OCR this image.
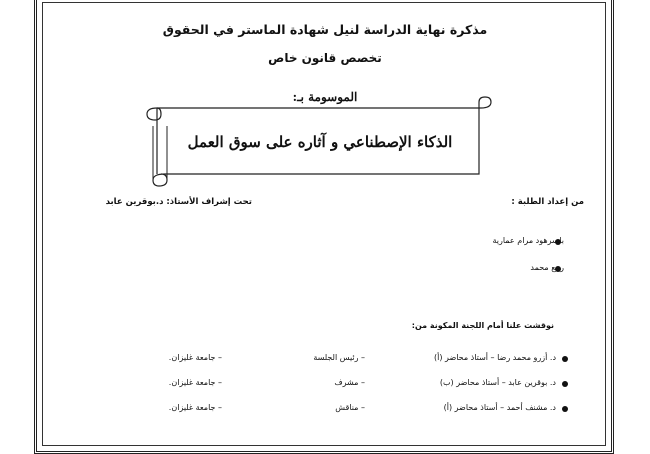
مذكرة نهاية الدراسة لنيل شهادة الماستر في الحقوق
تخصص قانون خاص
الموسومة بـ:
الذكاء الإصطناعي و آثاره على سوق العمل
من إعداد الطلبة :
تحت إشراف الأستاذ: د.بوقرين عابد
بلسرهود مرام عمارية
ربيع محمد
نوقشت علنا أمام اللجنة المكونة من:
د. أزرو محمد رضا – أستاذ محاضر (أ)
– رئيس الجلسة
– جامعة غليزان.
د. بوقرين عابد – أستاذ محاضر (ب)
– مشرف
– جامعة غليزان.
د. مشنف أحمد – أستاذ محاضر (أ)
– مناقش
– جامعة غليزان.
